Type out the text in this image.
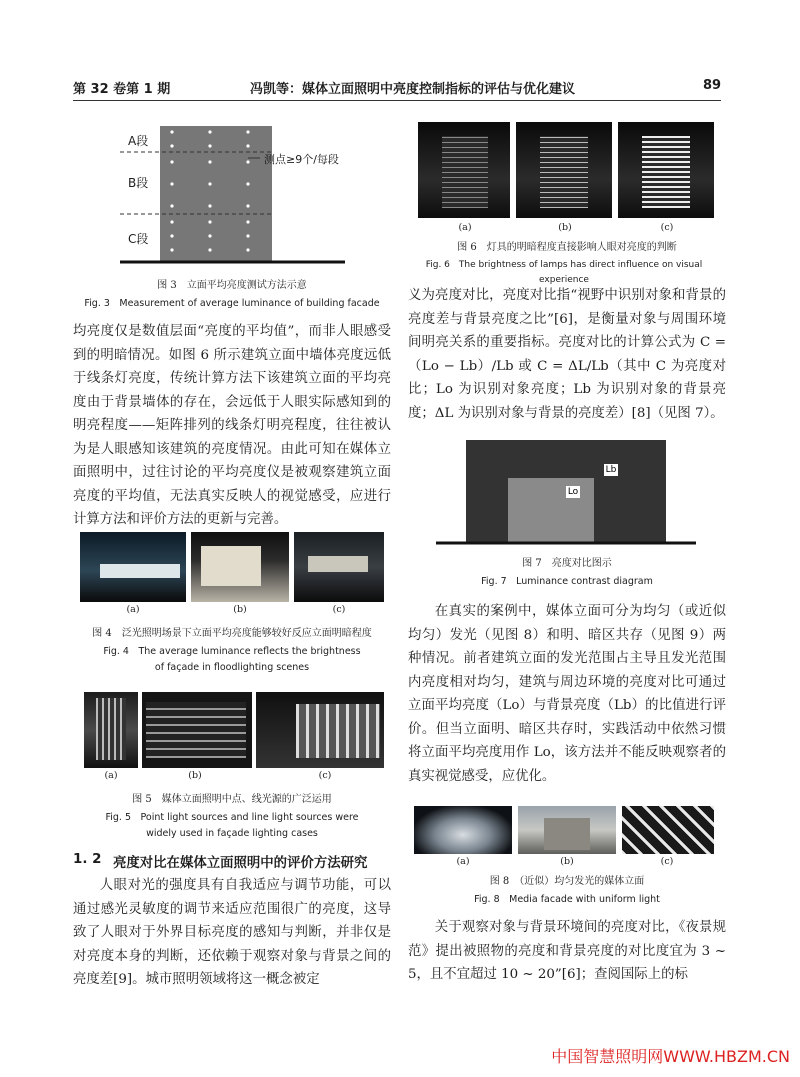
第 32 卷第 1 期	冯凯等：媒体立面照明中亮度控制指标的评估与优化建议	89
A段
B段
C段
测点≥9个/每段
图 3　立面平均亮度测试方法示意
Fig. 3　Measurement of average luminance of building facade

均亮度仅是数值层面“亮度的平均值”，而非人眼感受到的明暗情况。如图 6 所示建筑立面中墙体亮度远低于线条灯亮度，传统计算方法下该建筑立面的平均亮度由于背景墙体的存在，会远低于人眼实际感知到的明亮程度——矩阵排列的线条灯明亮程度，往往被认为是人眼感知该建筑的亮度情况。由此可知在媒体立面照明中，过往讨论的平均亮度仪是被观察建筑立面亮度的平均值，无法真实反映人的视觉感受，应进行计算方法和评价方法的更新与完善。

(a)	(b)	(c)
图 4　泛光照明场景下立面平均亮度能够较好反应立面明暗程度
Fig. 4　The average luminance reflects the brightness
of façade in floodlighting scenes
(a)	(b)	(c)
图 5　媒体立面照明中点、线光源的广泛运用
Fig. 5　Point light sources and line light sources were
widely used in façade lighting cases
1. 2 亮度对比在媒体立面照明中的评价方法研究

人眼对光的强度具有自我适应与调节功能，可以通过感光灵敏度的调节来适应范围很广的亮度，这导致了人眼对于外界目标亮度的感知与判断，并非仅是对亮度本身的判断，还依赖于观察对象与背景之间的亮度差[9]。城市照明领域将这一概念被定

(a)	(b)	(c)
图 6　灯具的明暗程度直接影响人眼对亮度的判断
Fig. 6　The brightness of lamps has direct influence on visual experience

义为亮度对比，亮度对比指“视野中识别对象和背景的亮度差与背景亮度之比”[6]，是衡量对象与周围环境间明亮关系的重要指标。亮度对比的计算公式为 C =（Lo − Lb）/Lb 或 C = ΔL/Lb（其中 C 为亮度对比；Lo 为识别对象亮度；Lb 为识别对象的背景亮度；ΔL 为识别对象与背景的亮度差）[8]（见图 7）。

Lb
Lo
图 7　亮度对比图示
Fig. 7　Luminance contrast diagram

在真实的案例中，媒体立面可分为均匀（或近似均匀）发光（见图 8）和明、暗区共存（见图 9）两种情况。前者建筑立面的发光范围占主导且发光范围内亮度相对均匀，建筑与周边环境的亮度对比可通过立面平均亮度（Lo）与背景亮度（Lb）的比值进行评价。但当立面明、暗区共存时，实践活动中依然习惯将立面平均亮度用作 Lo，该方法并不能反映观察者的真实视觉感受，应优化。

(a)	(b)	(c)
图 8　（近似）均匀发光的媒体立面
Fig. 8　Media facade with uniform light

关于观察对象与背景环境间的亮度对比，《夜景规范》提出被照物的亮度和背景亮度的对比度宜为 3 ~ 5，且不宜超过 10 ~ 20”[6]；查阅国际上的标

中国智慧照明网WWW.HBZM.CN
